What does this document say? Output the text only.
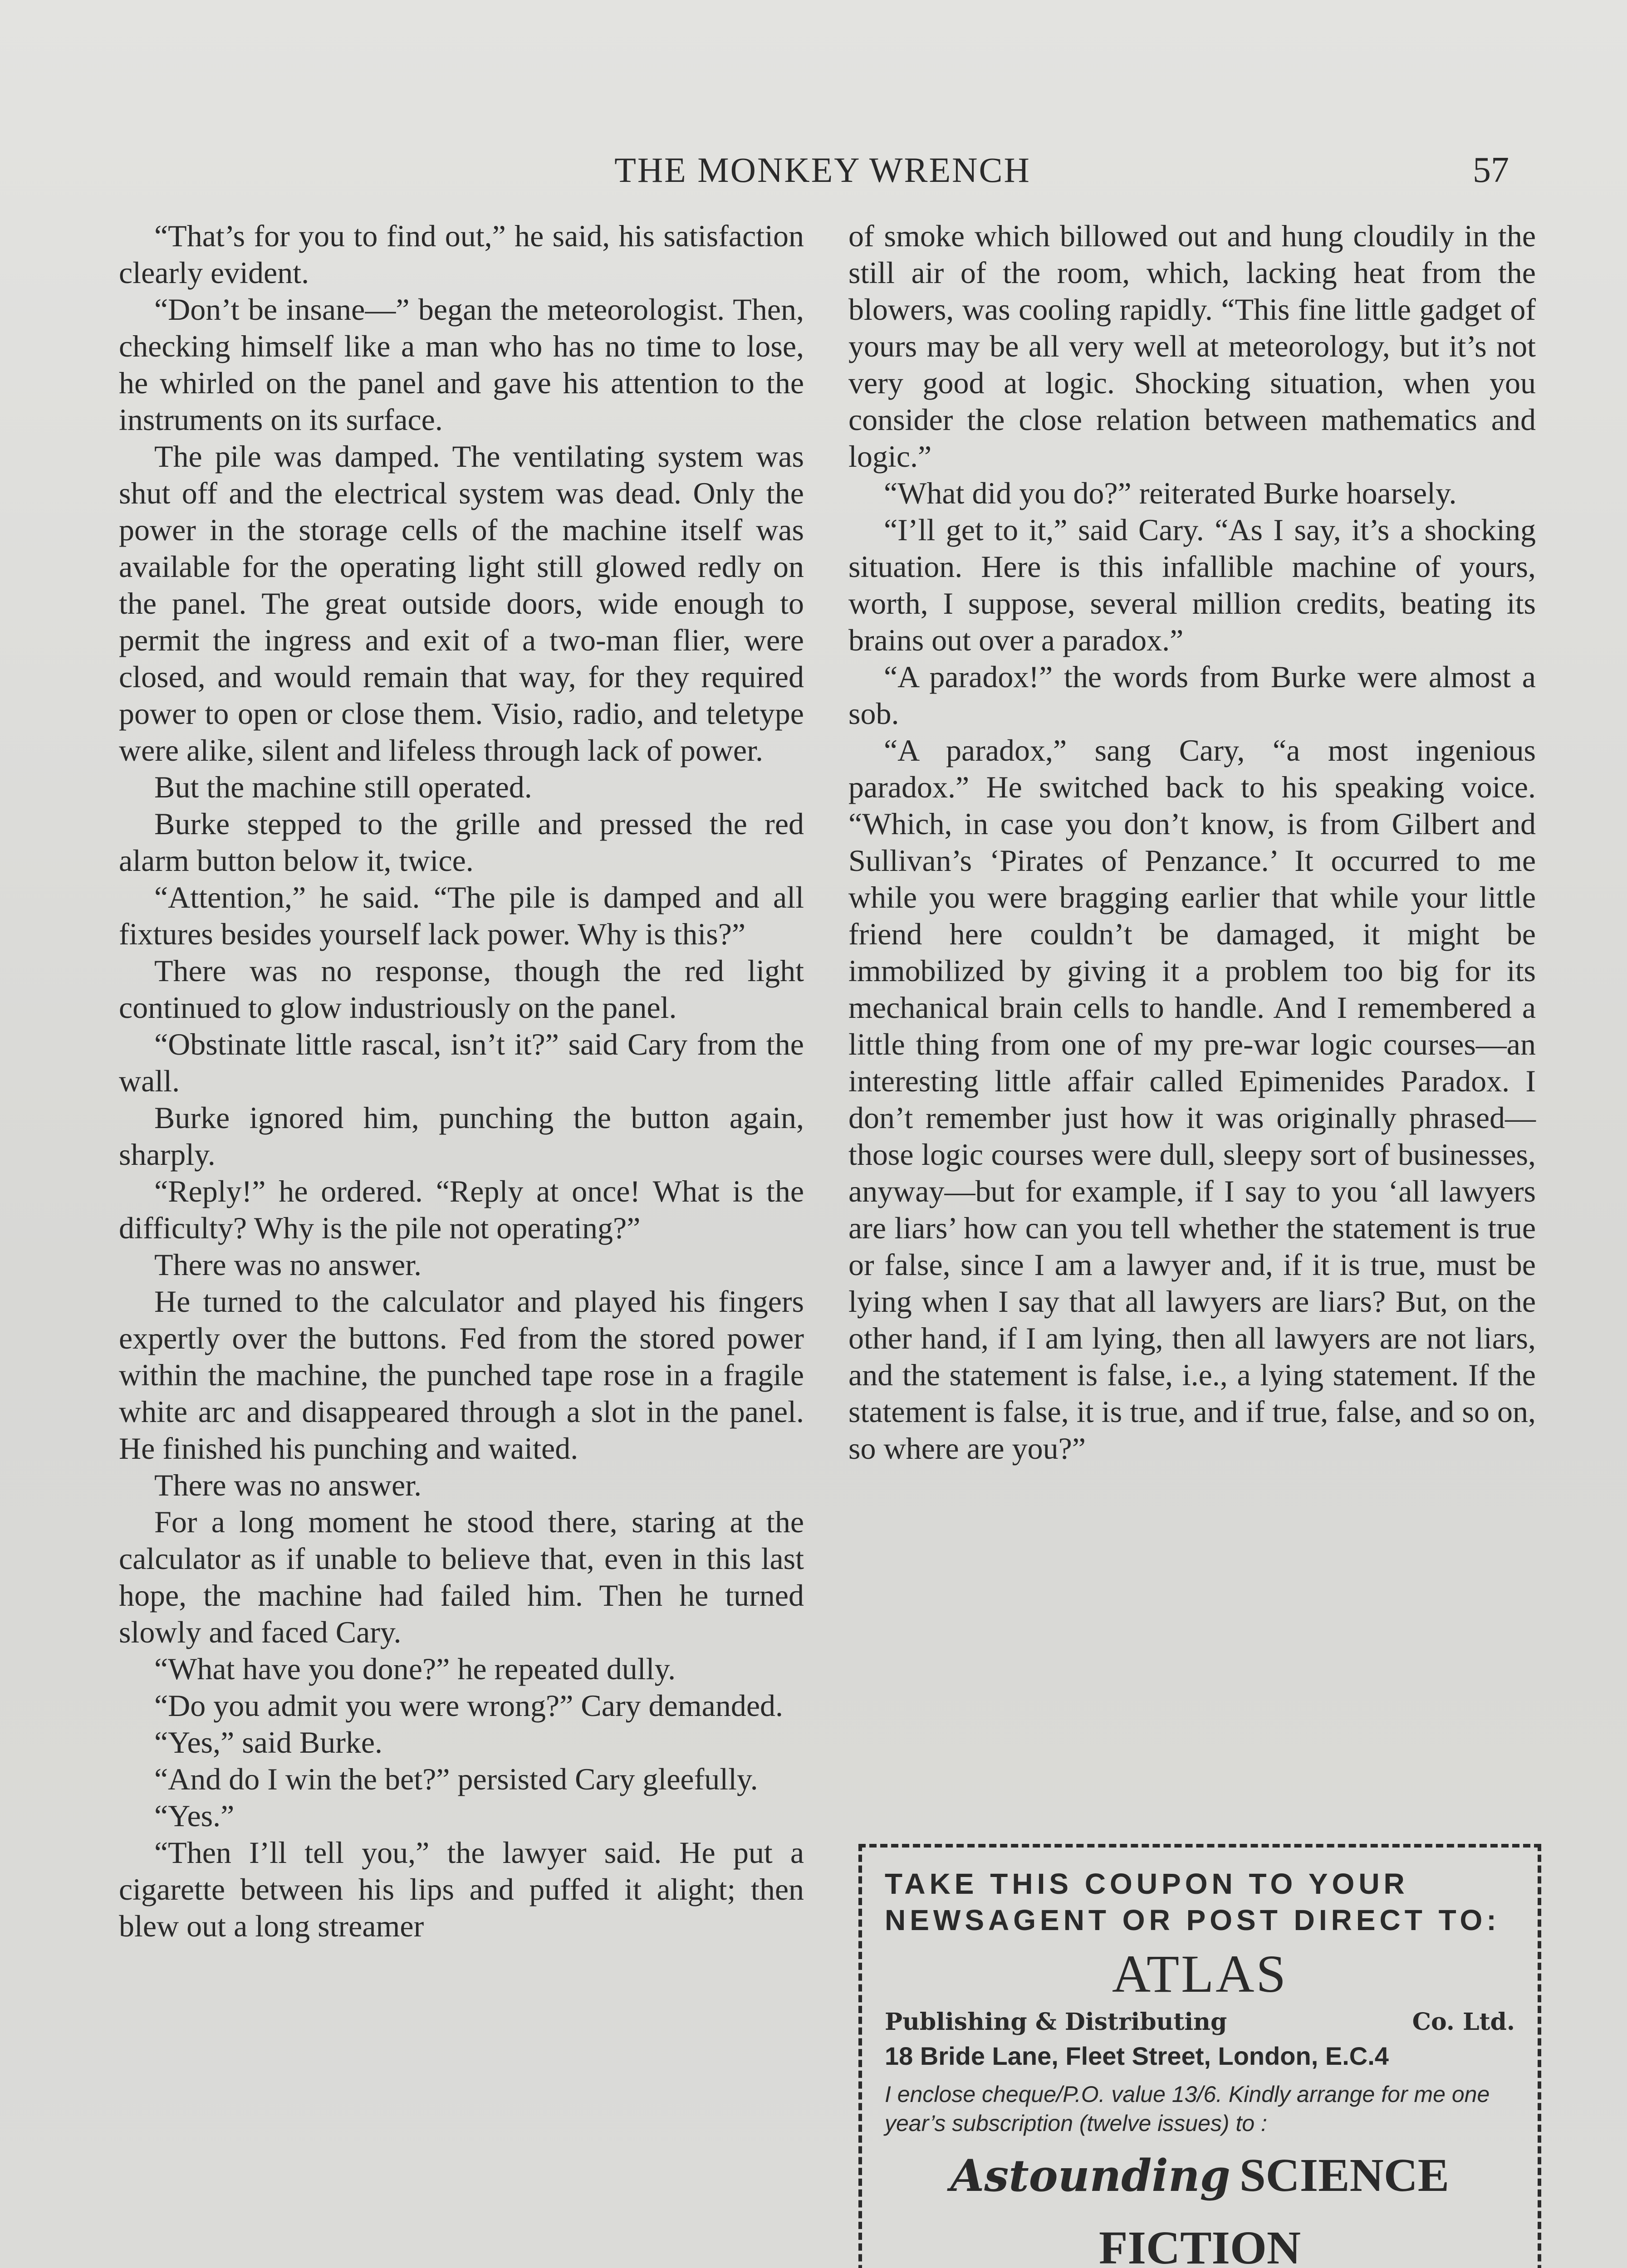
THE MONKEY WRENCH	57

“That’s for you to find out,” he said, his satisfaction clearly evident.

“Don’t be insane—” began the meteorologist. Then, checking himself like a man who has no time to lose, he whirled on the panel and gave his attention to the instruments on its surface.

The pile was damped. The ventilating system was shut off and the electrical system was dead. Only the power in the storage cells of the machine itself was available for the operating light still glowed redly on the panel. The great outside doors, wide enough to permit the ingress and exit of a two-man flier, were closed, and would remain that way, for they required power to open or close them. Visio, radio, and teletype were alike, silent and lifeless through lack of power.

But the machine still operated.

Burke stepped to the grille and pressed the red alarm button below it, twice.

“Attention,” he said. “The pile is damped and all fixtures besides yourself lack power. Why is this?”

There was no response, though the red light continued to glow industriously on the panel.

“Obstinate little rascal, isn’t it?” said Cary from the wall.

Burke ignored him, punching the button again, sharply.

“Reply!” he ordered. “Reply at once! What is the difficulty? Why is the pile not operating?”

There was no answer.

He turned to the calculator and played his fingers expertly over the buttons. Fed from the stored power within the machine, the punched tape rose in a fragile white arc and disappeared through a slot in the panel. He finished his punching and waited.

There was no answer.

For a long moment he stood there, staring at the calculator as if unable to believe that, even in this last hope, the machine had failed him. Then he turned slowly and faced Cary.

“What have you done?” he repeated dully.

“Do you admit you were wrong?” Cary demanded.

“Yes,” said Burke.

“And do I win the bet?” persisted Cary gleefully.

“Yes.”

“Then I’ll tell you,” the lawyer said. He put a cigarette between his lips and puffed it alight; then blew out a long streamer

of smoke which billowed out and hung cloudily in the still air of the room, which, lacking heat from the blowers, was cooling rapidly. “This fine little gadget of yours may be all very well at meteorology, but it’s not very good at logic. Shocking situation, when you consider the close relation between mathematics and logic.”

“What did you do?” reiterated Burke hoarsely.

“I’ll get to it,” said Cary. “As I say, it’s a shocking situation. Here is this infallible machine of yours, worth, I suppose, several million credits, beating its brains out over a paradox.”

“A paradox!” the words from Burke were almost a sob.

“A paradox,” sang Cary, “a most ingenious paradox.” He switched back to his speaking voice. “Which, in case you don’t know, is from Gilbert and Sullivan’s ‘Pirates of Penzance.’ It occurred to me while you were bragging earlier that while your little friend here couldn’t be damaged, it might be immobilized by giving it a problem too big for its mechanical brain cells to handle. And I remembered a little thing from one of my pre-war logic courses—an interesting little affair called Epimenides Paradox. I don’t remember just how it was originally phrased—those logic courses were dull, sleepy sort of businesses, anyway—but for example, if I say to you ‘all lawyers are liars’ how can you tell whether the statement is true or false, since I am a lawyer and, if it is true, must be lying when I say that all lawyers are liars? But, on the other hand, if I am lying, then all lawyers are not liars, and the statement is false, i.e., a lying statement. If the statement is false, it is true, and if true, false, and so on, so where are you?”

TAKE THIS COUPON TO YOUR
NEWSAGENT OR POST DIRECT TO:
ATLAS
Publishing & Distributing	Co. Ltd.
18 Bride Lane, Fleet Street, London, E.C.4
I enclose cheque/P.O. value 13/6. Kindly arrange for me one year’s subscription (twelve issues) to :
Astounding SCIENCE FICTION
